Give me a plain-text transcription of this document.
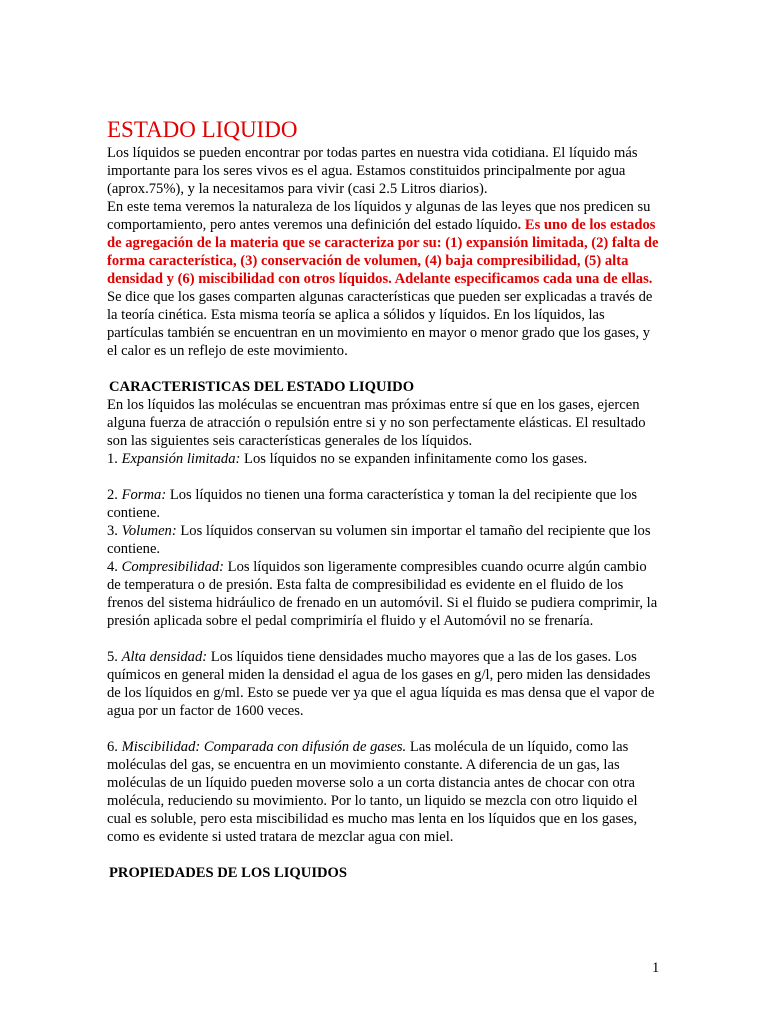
ESTADO LIQUIDO

Los líquidos se pueden encontrar por todas partes en nuestra vida cotidiana. El líquido más importante para los seres vivos es el agua. Estamos constituidos principalmente por agua (aprox.75%), y la necesitamos para vivir (casi 2.5 Litros diarios).

En este tema veremos la naturaleza de los líquidos y algunas de las leyes que nos predicen su comportamiento, pero antes veremos una definición del estado líquido. Es uno de los estados de agregación de la materia que se caracteriza por su: (1) expansión limitada, (2) falta de forma característica, (3) conservación de volumen, (4) baja compresibilidad, (5) alta densidad y (6) miscibilidad con otros líquidos. Adelante especificamos cada una de ellas.

Se dice que los gases comparten algunas características que pueden ser explicadas a través de la teoría cinética. Esta misma teoría se aplica a sólidos y líquidos. En los líquidos, las partículas también se encuentran en un movimiento en mayor o menor grado que los gases, y el calor es un reflejo de este movimiento.

CARACTERISTICAS DEL ESTADO LIQUIDO

En los líquidos las moléculas se encuentran mas próximas entre sí que en los gases, ejercen alguna fuerza de atracción o repulsión entre si y no son perfectamente elásticas. El resultado son las siguientes seis características generales de los líquidos.

1. Expansión limitada: Los líquidos no se expanden infinitamente como los gases.

2. Forma: Los líquidos no tienen una forma característica y toman la del recipiente que los contiene.

3. Volumen: Los líquidos conservan su volumen sin importar el tamaño del recipiente que los contiene.

4. Compresibilidad: Los líquidos son ligeramente compresibles cuando ocurre algún cambio de temperatura o de presión. Esta falta de compresibilidad es evidente en el fluido de los frenos del sistema hidráulico de frenado en un automóvil. Si el fluido se pudiera comprimir, la presión aplicada sobre el pedal comprimiría el fluido y el Automóvil no se frenaría.

5. Alta densidad: Los líquidos tiene densidades mucho mayores que a las de los gases. Los químicos en general miden la densidad el agua de los gases en g/l, pero miden las densidades de los líquidos en g/ml. Esto se puede ver ya que el agua líquida es mas densa que el vapor de agua por un factor de 1600 veces.

6. Miscibilidad: Comparada con difusión de gases. Las molécula de un líquido, como las moléculas del gas, se encuentra en un movimiento constante. A diferencia de un gas, las moléculas de un líquido pueden moverse solo a un corta distancia antes de chocar con otra molécula, reduciendo su movimiento. Por lo tanto, un liquido se mezcla con otro liquido el cual es soluble, pero esta miscibilidad es mucho mas lenta en los líquidos que en los gases, como es evidente si usted tratara de mezclar agua con miel.

PROPIEDADES DE LOS LIQUIDOS
1
